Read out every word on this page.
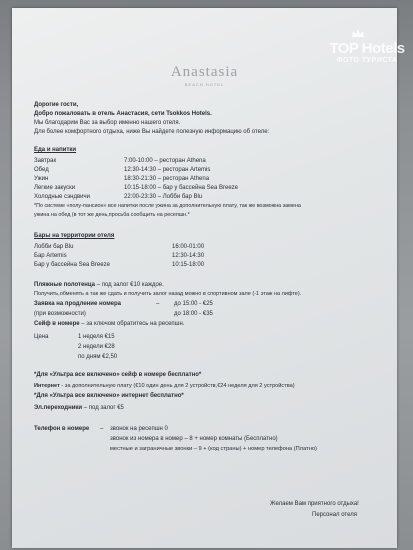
Anastasia
BEACH HOTEL
Дорогие гости,
Добро пожаловать в отель Анастасия, сети Tsokkos Hotels.
Мы благодарим Вас за выбор именно нашего отеля.
Для более комфортного отдыха, ниже Вы найдете полезную информацию об отеле:
Еда и напитки
Завтрак	7:00-10:00 – ресторан Athena
Обед	12:30-14:30 – ресторан Artemis
Ужин	18:30-21:30 – ресторан Athena
Легкие закуски	10:15-18:00 – бар у бассейна Sea Breeze
Холодные сэндвичи	22:00-23:30 – Лобби бар Blu
*По системе «полу-пансион» все напитки после ужина за дополнительную плату, так же возможна замена
ужина на обед (в тот же день,просьба сообщить на ресепшн.*
Бары на территории отеля
Лобби бар Blu	16:00-01:00
Бар Artemis	12:30-14:30
Бар у бассейна Sea Breeze	10:15-18:00
Пляжные полотенца – под залог €10 каждое.
Получить,обменять а так же сдать и получить залог назад можно в спортивном зале (-1 этаж на лифте).
Заявка на продление номера	– до 15:00 - €25
(при возможности)	до 18:00 - €35
Сейф в номере – за ключом обратитесь на ресепшн.
Цена	1 неделя €15
2 недели €28
по дням €2,50
*Для «Ультра все включено» сейф в номере бесплатно*
Интернет - за дополнительную плату (€10 один день для 2 устройств,€24 неделя для 2 устройства)
*Для «Ультра все включено» интернет бесплатно*
Эл.переходники – под залог €5
Телефон в номере – звонок на ресепшн 0
звонок из номера в номер – 8 + номер комнаты (Бесплатно)
местные и заграничные звонки – 9 + (код страны) + номер телефона (Платно)
Желаем Вам приятного отдыха!
Персонал отеля
TOP Hotels
ФОТО ТУРИСТА
